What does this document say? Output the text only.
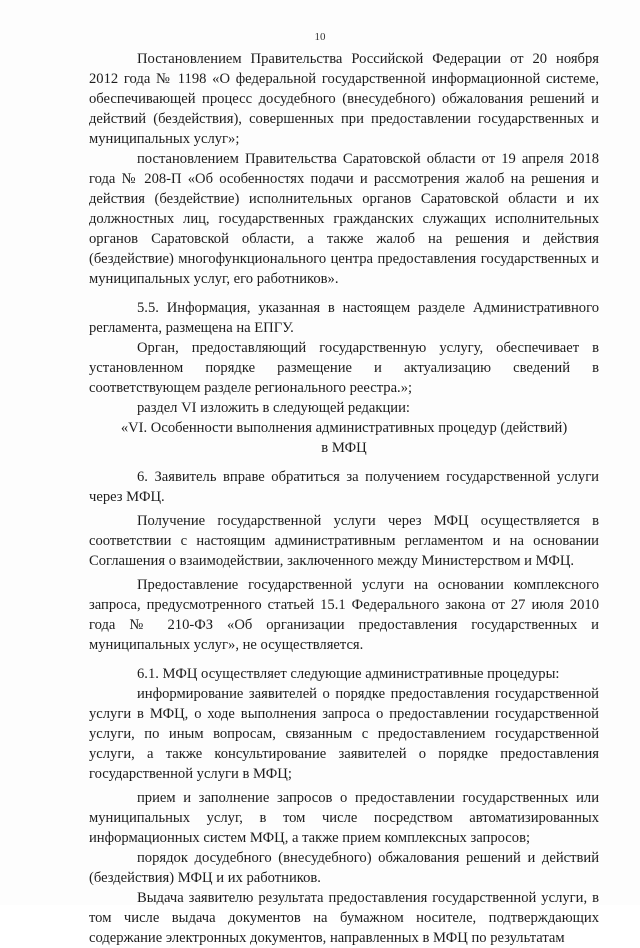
10

Постановлением Правительства Российской Федерации от 20 ноября 2012 года № 1198 «О федеральной государственной информационной системе, обеспечивающей процесс досудебного (внесудебного) обжалования решений и действий (бездействия), совершенных при предоставлении государственных и муниципальных услуг»;

постановлением Правительства Саратовской области от 19 апреля 2018 года № 208-П «Об особенностях подачи и рассмотрения жалоб на решения и действия (бездействие) исполнительных органов Саратовской области и их должностных лиц, государственных гражданских служащих исполнительных органов Саратовской области, а также жалоб на решения и действия (бездействие) многофункционального центра предоставления государственных и муниципальных услуг, его работников».

5.5. Информация, указанная в настоящем разделе Административного регламента, размещена на ЕПГУ.

Орган, предоставляющий государственную услугу, обеспечивает в установленном порядке размещение и актуализацию сведений в соответствующем разделе регионального реестра.»;

раздел VI изложить в следующей редакции:

«VI. Особенности выполнения административных процедур (действий)

в МФЦ

6. Заявитель вправе обратиться за получением государственной услуги через МФЦ.

Получение государственной услуги через МФЦ осуществляется в соответствии с настоящим административным регламентом и на основании Соглашения о взаимодействии, заключенного между Министерством и МФЦ.

Предоставление государственной услуги на основании комплексного запроса, предусмотренного статьей 15.1 Федерального закона от 27 июля 2010 года № 210-ФЗ «Об организации предоставления государственных и муниципальных услуг», не осуществляется.

6.1. МФЦ осуществляет следующие административные процедуры:

информирование заявителей о порядке предоставления государственной услуги в МФЦ, о ходе выполнения запроса о предоставлении государственной услуги, по иным вопросам, связанным с предоставлением государственной услуги, а также консультирование заявителей о порядке предоставления государственной услуги в МФЦ;

прием и заполнение запросов о предоставлении государственных или муниципальных услуг, в том числе посредством автоматизированных информационных систем МФЦ, а также прием комплексных запросов;

порядок досудебного (внесудебного) обжалования решений и действий (бездействия) МФЦ и их работников.

Выдача заявителю результата предоставления государственной услуги, в том числе выдача документов на бумажном носителе, подтверждающих содержание электронных документов, направленных в МФЦ по результатам
